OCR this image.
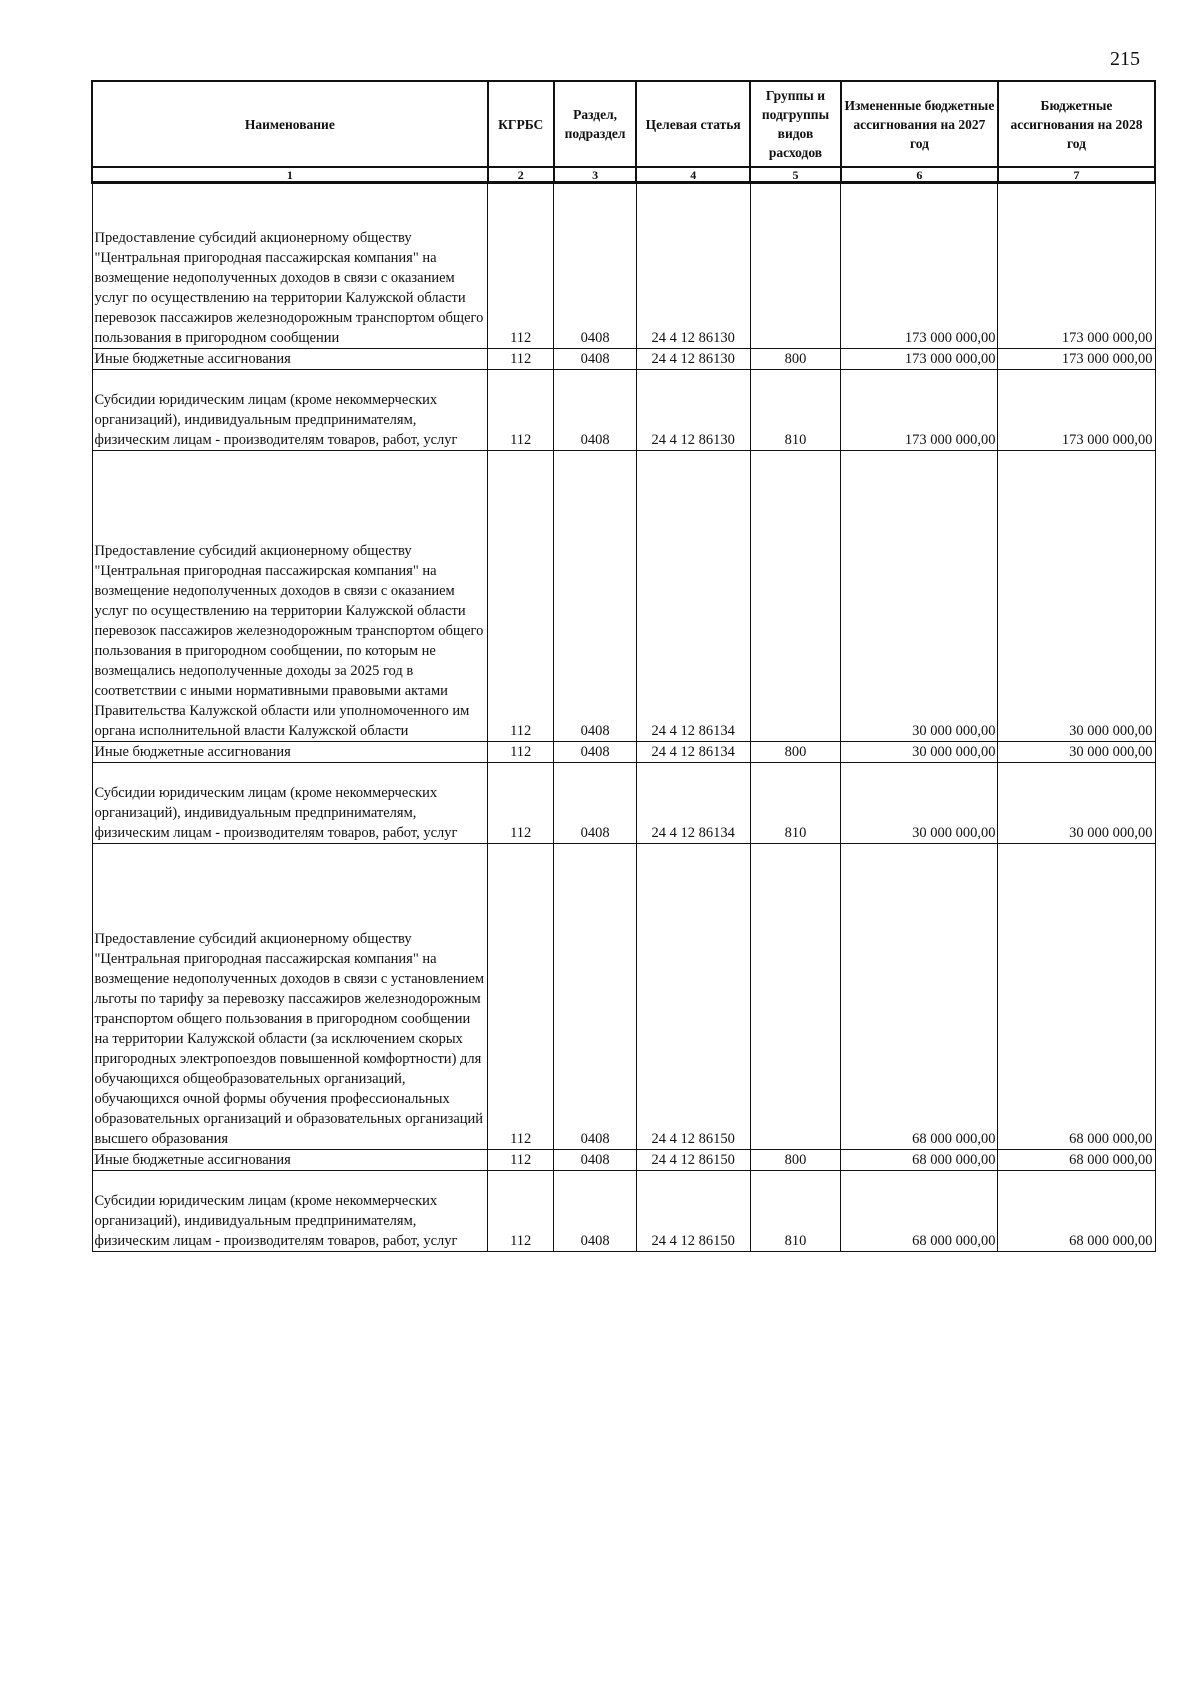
215
Наименование	КГРБС	Раздел, подраздел	Целевая статья	Группы и подгруппы видов расходов	Измененные бюджетные ассигнования на 2027 год	Бюджетные ассигнования на 2028 год
1	2	3	4	5	6	7
Предоставление субсидий акционерному обществу "Центральная пригородная пассажирская компания" на возмещение недополученных доходов в связи с оказанием услуг по осуществлению на территории Калужской области перевозок пассажиров железнодорожным транспортом общего пользования в пригородном сообщении	112	0408	24 4 12 86130		173 000 000,00	173 000 000,00
Иные бюджетные ассигнования	112	0408	24 4 12 86130	800	173 000 000,00	173 000 000,00
Субсидии юридическим лицам (кроме некоммерческих организаций), индивидуальным предпринимателям, физическим лицам - производителям товаров, работ, услуг	112	0408	24 4 12 86130	810	173 000 000,00	173 000 000,00
Предоставление субсидий акционерному обществу "Центральная пригородная пассажирская компания" на возмещение недополученных доходов в связи с оказанием услуг по осуществлению на территории Калужской области перевозок пассажиров железнодорожным транспортом общего пользования в пригородном сообщении, по которым не возмещались недополученные доходы за 2025 год в соответствии с иными нормативными правовыми актами Правительства Калужской области или уполномоченного им органа исполнительной власти Калужской области	112	0408	24 4 12 86134		30 000 000,00	30 000 000,00
Иные бюджетные ассигнования	112	0408	24 4 12 86134	800	30 000 000,00	30 000 000,00
Субсидии юридическим лицам (кроме некоммерческих организаций), индивидуальным предпринимателям, физическим лицам - производителям товаров, работ, услуг	112	0408	24 4 12 86134	810	30 000 000,00	30 000 000,00
Предоставление субсидий акционерному обществу "Центральная пригородная пассажирская компания" на возмещение недополученных доходов в связи с установлением льготы по тарифу за перевозку пассажиров железнодорожным транспортом общего пользования в пригородном сообщении на территории Калужской области (за исключением скорых пригородных электропоездов повышенной комфортности) для обучающихся общеобразовательных организаций, обучающихся очной формы обучения профессиональных образовательных организаций и образовательных организаций высшего образования	112	0408	24 4 12 86150		68 000 000,00	68 000 000,00
Иные бюджетные ассигнования	112	0408	24 4 12 86150	800	68 000 000,00	68 000 000,00
Субсидии юридическим лицам (кроме некоммерческих организаций), индивидуальным предпринимателям, физическим лицам - производителям товаров, работ, услуг	112	0408	24 4 12 86150	810	68 000 000,00	68 000 000,00
